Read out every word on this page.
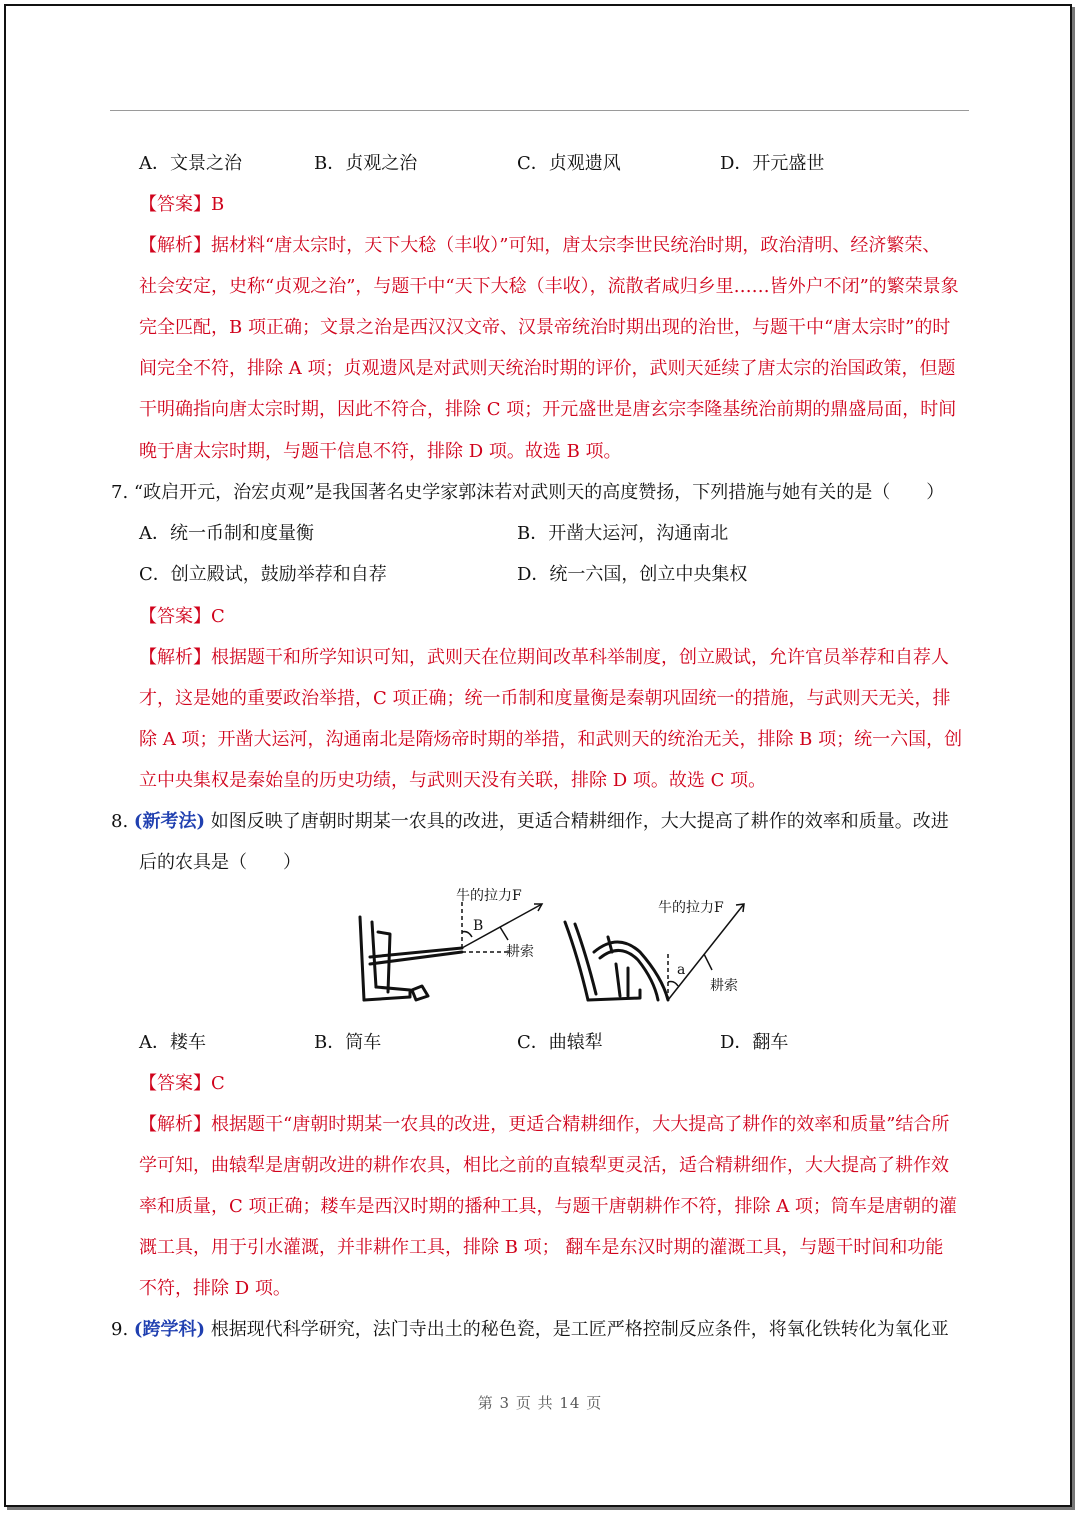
A．文景之治	B．贞观之治	C．贞观遗风	D．开元盛世
【答案】B
【解析】据材料“唐太宗时，天下大稔（丰收）”可知，唐太宗李世民统治时期，政治清明、经济繁荣、
社会安定，史称“贞观之治”，与题干中“天下大稔（丰收），流散者咸归乡里……皆外户不闭”的繁荣景象
完全匹配，B 项正确；文景之治是西汉汉文帝、汉景帝统治时期出现的治世，与题干中“唐太宗时”的时
间完全不符，排除 A 项；贞观遗风是对武则天统治时期的评价，武则天延续了唐太宗的治国政策，但题
干明确指向唐太宗时期，因此不符合，排除 C 项；开元盛世是唐玄宗李隆基统治前期的鼎盛局面，时间
晚于唐太宗时期，与题干信息不符，排除 D 项。故选 B 项。
7. “政启开元，治宏贞观”是我国著名史学家郭沫若对武则天的高度赞扬，下列措施与她有关的是（　　）
A．统一币制和度量衡	B．开凿大运河，沟通南北
C．创立殿试，鼓励举荐和自荐	D．统一六国，创立中央集权
【答案】C
【解析】根据题干和所学知识可知，武则天在位期间改革科举制度，创立殿试，允许官员举荐和自荐人
才，这是她的重要政治举措，C 项正确；统一币制和度量衡是秦朝巩固统一的措施，与武则天无关，排
除 A 项；开凿大运河，沟通南北是隋炀帝时期的举措，和武则天的统治无关，排除 B 项；统一六国，创
立中央集权是秦始皇的历史功绩，与武则天没有关联，排除 D 项。故选 C 项。
8. (新考法) 如图反映了唐朝时期某一农具的改进，更适合精耕细作，大大提高了耕作的效率和质量。改进
后的农具是（　　）
牛的拉力F
B
耕索
牛的拉力F
a
耕索
A．耧车	B．筒车	C．曲辕犁	D．翻车
【答案】C
【解析】根据题干“唐朝时期某一农具的改进，更适合精耕细作，大大提高了耕作的效率和质量”结合所
学可知，曲辕犁是唐朝改进的耕作农具，相比之前的直辕犁更灵活，适合精耕细作，大大提高了耕作效
率和质量，C 项正确；耧车是西汉时期的播种工具，与题干唐朝耕作不符，排除 A 项；筒车是唐朝的灌
溉工具，用于引水灌溉，并非耕作工具，排除 B 项； 翻车是东汉时期的灌溉工具，与题干时间和功能
不符，排除 D 项。
9. (跨学科) 根据现代科学研究，法门寺出土的秘色瓷，是工匠严格控制反应条件，将氧化铁转化为氧化亚
第 3 页 共 14 页
